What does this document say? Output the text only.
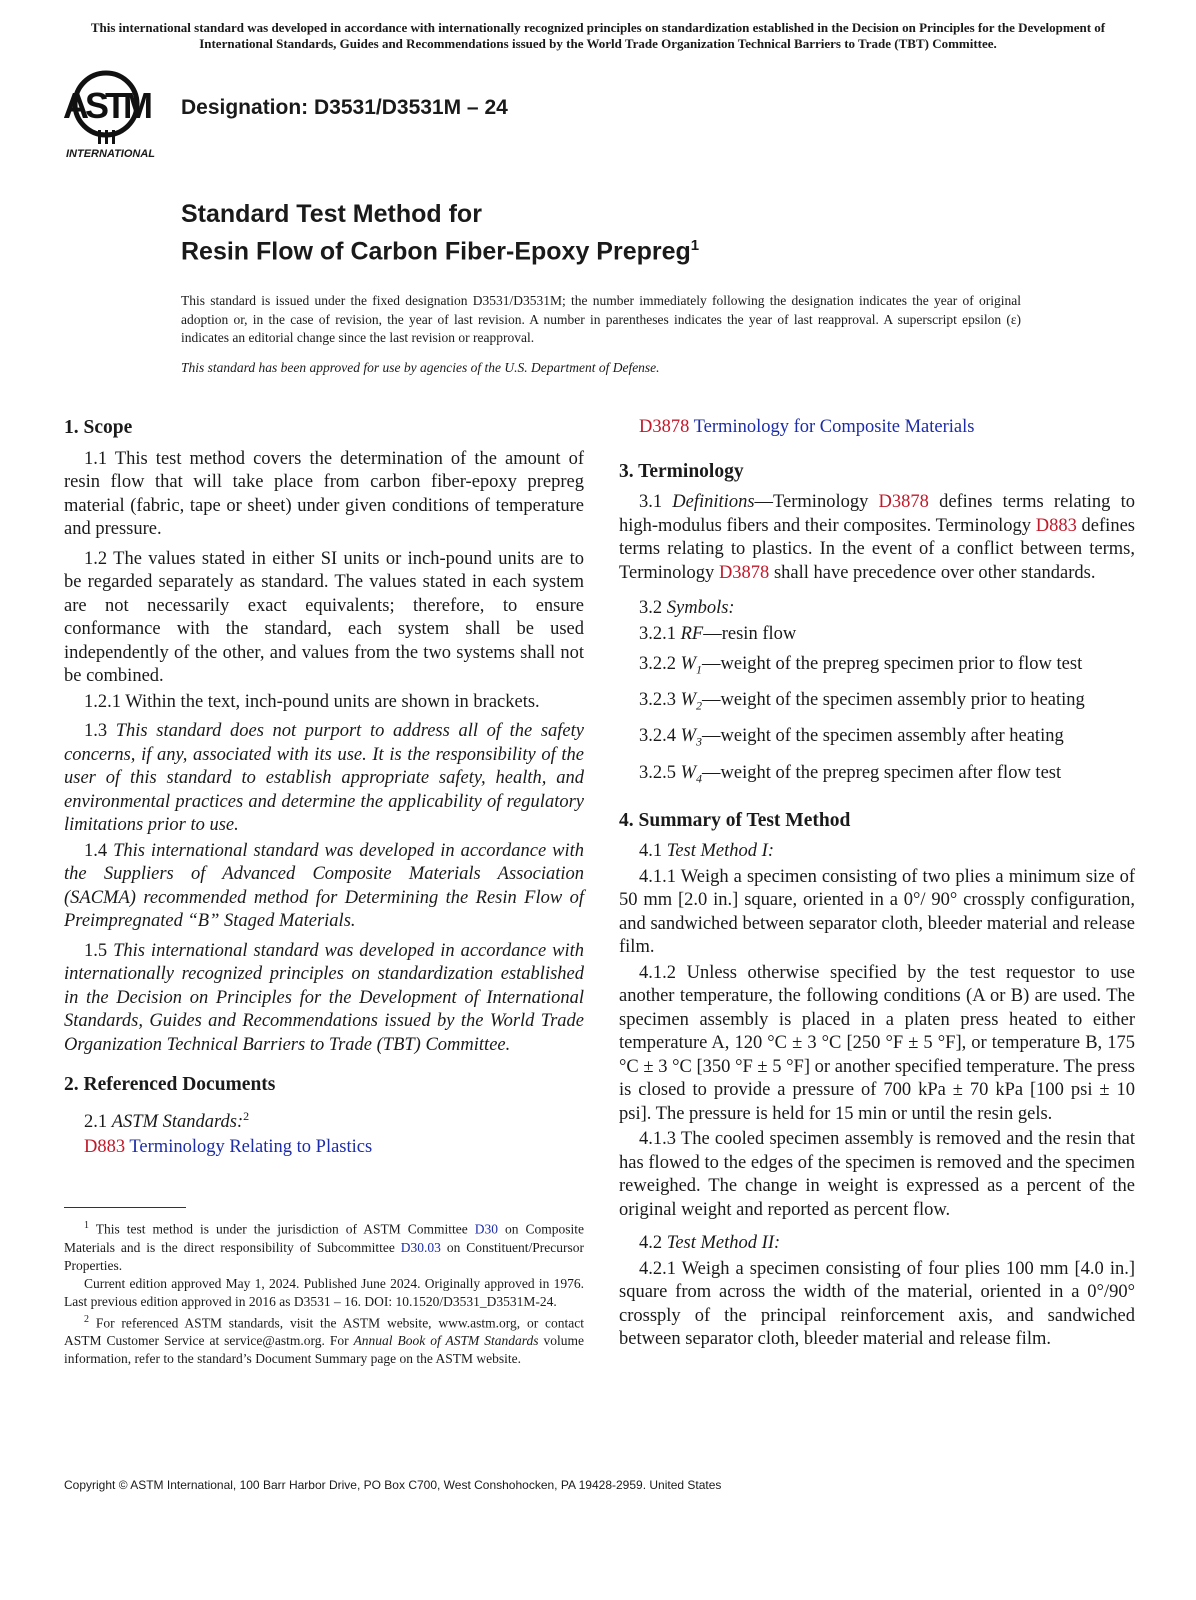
This international standard was developed in accordance with internationally recognized principles on standardization established in the Decision on Principles for the Development of International Standards, Guides and Recommendations issued by the World Trade Organization Technical Barriers to Trade (TBT) Committee.
ASTM
INTERNATIONAL
Designation: D3531/D3531M – 24
Standard Test Method for
Resin Flow of Carbon Fiber-Epoxy Prepreg$^1$
This standard is issued under the fixed designation D3531/D3531M; the number immediately following the designation indicates the year of original adoption or, in the case of revision, the year of last revision. A number in parentheses indicates the year of last reapproval. A superscript epsilon (ε) indicates an editorial change since the last revision or reapproval.
This standard has been approved for use by agencies of the U.S. Department of Defense.
1. Scope

1.1 This test method covers the determination of the amount of resin flow that will take place from carbon fiber-epoxy prepreg material (fabric, tape or sheet) under given conditions of temperature and pressure.

1.2 The values stated in either SI units or inch-pound units are to be regarded separately as standard. The values stated in each system are not necessarily exact equivalents; therefore, to ensure conformance with the standard, each system shall be used independently of the other, and values from the two systems shall not be combined.

1.2.1 Within the text, inch-pound units are shown in brackets.

1.3 This standard does not purport to address all of the safety concerns, if any, associated with its use. It is the responsibility of the user of this standard to establish appropriate safety, health, and environmental practices and determine the applicability of regulatory limitations prior to use.

1.4 This international standard was developed in accordance with the Suppliers of Advanced Composite Materials Association (SACMA) recommended method for Determining the Resin Flow of Preimpregnated “B” Staged Materials.

1.5 This international standard was developed in accordance with internationally recognized principles on standardization established in the Decision on Principles for the Development of International Standards, Guides and Recommendations issued by the World Trade Organization Technical Barriers to Trade (TBT) Committee.

2. Referenced Documents

2.1 ASTM Standards:$^2$

D883 Terminology Relating to Plastics

D3878 Terminology for Composite Materials

3. Terminology

3.1 Definitions—Terminology D3878 defines terms relating to high-modulus fibers and their composites. Terminology D883 defines terms relating to plastics. In the event of a conflict between terms, Terminology D3878 shall have precedence over other standards.

3.2 Symbols:

3.2.1 RF—resin flow

3.2.2 $W_1—weight$ of the prepreg specimen prior to flow test

3.2.3 $W_2—weight$ of the specimen assembly prior to heating

3.2.4 $W_3—weight$ of the specimen assembly after heating

3.2.5 $W_4—weight$ of the prepreg specimen after flow test

4. Summary of Test Method

4.1 Test Method I:

4.1.1 Weigh a specimen consisting of two plies a minimum size of 50 mm [2.0 in.] square, oriented in a 0°/ 90° crossply configuration, and sandwiched between separator cloth, bleeder material and release film.

4.1.2 Unless otherwise specified by the test requestor to use another temperature, the following conditions (A or B) are used. The specimen assembly is placed in a platen press heated to either temperature A, 120 °C ± 3 °C [250 °F ± 5 °F], or temperature B, 175 °C ± 3 °C [350 °F ± 5 °F] or another specified temperature. The press is closed to provide a pressure of 700 kPa ± 70 kPa [100 psi ± 10 psi]. The pressure is held for 15 min or until the resin gels.

4.1.3 The cooled specimen assembly is removed and the resin that has flowed to the edges of the specimen is removed and the specimen reweighed. The change in weight is expressed as a percent of the original weight and reported as percent flow.

4.2 Test Method II:

4.2.1 Weigh a specimen consisting of four plies 100 mm [4.0 in.] square from across the width of the material, oriented in a 0°/90° crossply of the principal reinforcement axis, and sandwiched between separator cloth, bleeder material and release film.

$^1$ This test method is under the jurisdiction of ASTM Committee D30 on Composite Materials and is the direct responsibility of Subcommittee D30.03 on Constituent/Precursor Properties.

Current edition approved May 1, 2024. Published June 2024. Originally approved in 1976. Last previous edition approved in 2016 as D3531 – 16. DOI: 10.1520/D3531_D3531M-24.

$^2$ For referenced ASTM standards, visit the ASTM website, www.astm.org, or contact ASTM Customer Service at service@astm.org. For Annual Book of ASTM Standards volume information, refer to the standard’s Document Summary page on the ASTM website.

Copyright © ASTM International, 100 Barr Harbor Drive, PO Box C700, West Conshohocken, PA 19428-2959. United States
